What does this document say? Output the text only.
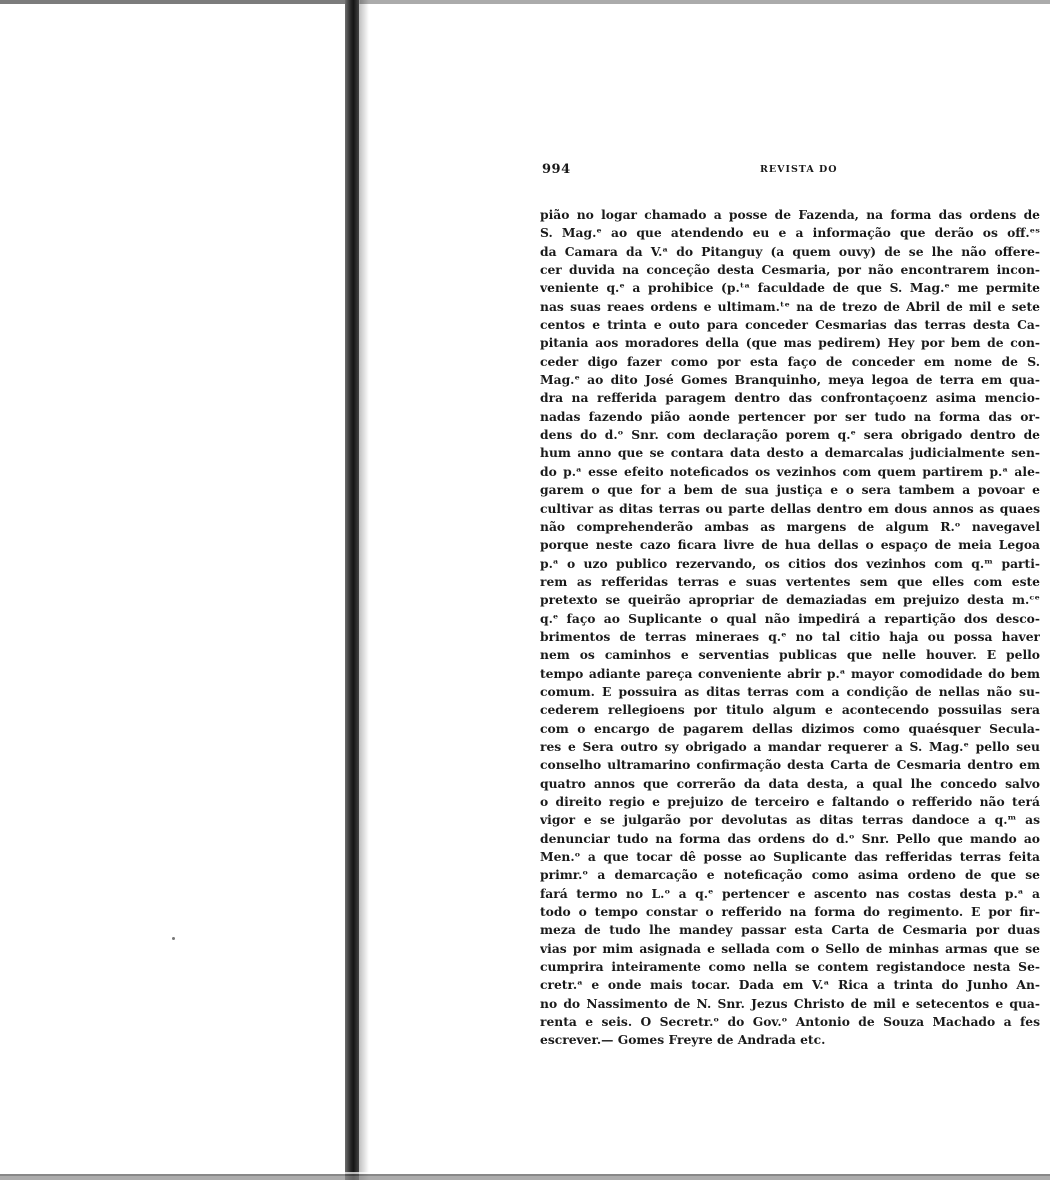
994	REVISTA DO
pião no logar chamado a posse de Fazenda, na forma das ordens de
S. Mag.ᵉ ao que atendendo eu e a informação que derão os off.ᵉˢ
da Camara da V.ᵃ do Pitanguy (a quem ouvy) de se lhe não offere-
cer duvida na conceção desta Cesmaria, por não encontrarem incon-
veniente q.ᵉ a prohibice (p.ᵗᵃ faculdade de que S. Mag.ᵉ me permite
nas suas reaes ordens e ultimam.ᵗᵉ na de trezo de Abril de mil e sete
centos e trinta e outo para conceder Cesmarias das terras desta Ca-
pitania aos moradores della (que mas pedirem) Hey por bem de con-
ceder digo fazer como por esta faço de conceder em nome de S.
Mag.ᵉ ao dito José Gomes Branquinho, meya legoa de terra em qua-
dra na refferida paragem dentro das confrontaçoenz asima mencio-
nadas fazendo pião aonde pertencer por ser tudo na forma das or-
dens do d.ᵒ Snr. com declaração porem q.ᵉ sera obrigado dentro de
hum anno que se contara data desto a demarcalas judicialmente sen-
do p.ᵃ esse efeito noteficados os vezinhos com quem partirem p.ᵃ ale-
garem o que for a bem de sua justiça e o sera tambem a povoar e
cultivar as ditas terras ou parte dellas dentro em dous annos as quaes
não comprehenderão ambas as margens de algum R.ᵒ navegavel
porque neste cazo ficara livre de hua dellas o espaço de meia Legoa
p.ᵃ o uzo publico rezervando, os citios dos vezinhos com q.ᵐ parti-
rem as refferidas terras e suas vertentes sem que elles com este
pretexto se queirão apropriar de demaziadas em prejuizo desta m.ᶜᵉ
q.ᵉ faço ao Suplicante o qual não impedirá a repartição dos desco-
brimentos de terras mineraes q.ᵉ no tal citio haja ou possa haver
nem os caminhos e serventias publicas que nelle houver. E pello
tempo adiante pareça conveniente abrir p.ᵃ mayor comodidade do bem
comum. E possuira as ditas terras com a condição de nellas não su-
cederem rellegioens por titulo algum e acontecendo possuilas sera
com o encargo de pagarem dellas dizimos como quaésquer Secula-
res e Sera outro sy obrigado a mandar requerer a S. Mag.ᵉ pello seu
conselho ultramarino confirmação desta Carta de Cesmaria dentro em
quatro annos que correrão da data desta, a qual lhe concedo salvo
o direito regio e prejuizo de terceiro e faltando o refferido não terá
vigor e se julgarão por devolutas as ditas terras dandoce a q.ᵐ as
denunciar tudo na forma das ordens do d.ᵒ Snr. Pello que mando ao
Men.ᵒ a que tocar dê posse ao Suplicante das refferidas terras feita
primr.ᵒ a demarcação e noteficação como asima ordeno de que se
fará termo no L.ᵒ a q.ᵉ pertencer e ascento nas costas desta p.ᵃ a
todo o tempo constar o refferido na forma do regimento. E por fir-
meza de tudo lhe mandey passar esta Carta de Cesmaria por duas
vias por mim asignada e sellada com o Sello de minhas armas que se
cumprira inteiramente como nella se contem registandoce nesta Se-
cretr.ᵃ e onde mais tocar. Dada em V.ᵃ Rica a trinta do Junho An-
no do Nassimento de N. Snr. Jezus Christo de mil e setecentos e qua-
renta e seis. O Secretr.ᵒ do Gov.ᵒ Antonio de Souza Machado a fes
escrever.— Gomes Freyre de Andrada etc.
